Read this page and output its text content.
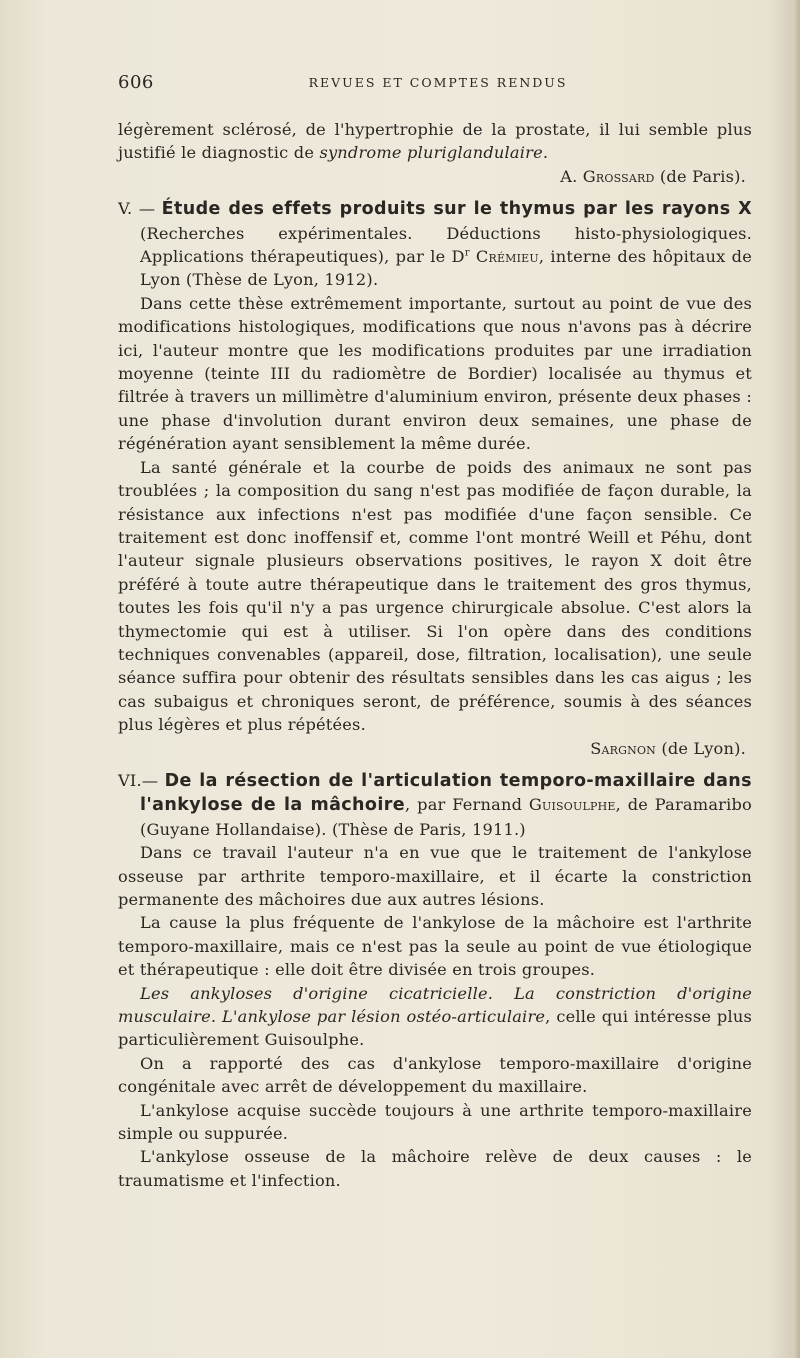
606	REVUES ET COMPTES RENDUS

légèrement sclérosé, de l'hypertrophie de la prostate, il lui semble plus justifié le diagnostic de syndrome pluriglandulaire.

A. Grossard (de Paris).

V. — Étude des effets produits sur le thymus par les rayons X (Recherches expérimentales. Déductions histo-physiologiques. Applications thérapeutiques), par le $D^r$ Crémieu, interne des hôpitaux de Lyon (Thèse de Lyon, 1912).

Dans cette thèse extrêmement importante, surtout au point de vue des modifications histologiques, modifications que nous n'avons pas à décrire ici, l'auteur montre que les modifications produites par une irradiation moyenne (teinte III du radiomètre de Bordier) localisée au thymus et filtrée à travers un millimètre d'aluminium environ, présente deux phases : une phase d'involution durant environ deux semaines, une phase de régénération ayant sensiblement la même durée.

La santé générale et la courbe de poids des animaux ne sont pas troublées ; la composition du sang n'est pas modifiée de façon durable, la résistance aux infections n'est pas modifiée d'une façon sensible. Ce traitement est donc inoffensif et, comme l'ont montré Weill et Péhu, dont l'auteur signale plusieurs observations positives, le rayon X doit être préféré à toute autre thérapeutique dans le traitement des gros thymus, toutes les fois qu'il n'y a pas urgence chirurgicale absolue. C'est alors la thymectomie qui est à utiliser. Si l'on opère dans des conditions techniques convenables (appareil, dose, filtration, localisation), une seule séance suffira pour obtenir des résultats sensibles dans les cas aigus ; les cas subaigus et chroniques seront, de préférence, soumis à des séances plus légères et plus répétées.

Sargnon (de Lyon).

VI.— De la résection de l'articulation temporo-maxillaire dans l'ankylose de la mâchoire, par Fernand Guisoulphe, de Paramaribo (Guyane Hollandaise). (Thèse de Paris, 1911.)

Dans ce travail l'auteur n'a en vue que le traitement de l'ankylose osseuse par arthrite temporo-maxillaire, et il écarte la constriction permanente des mâchoires due aux autres lésions.

La cause la plus fréquente de l'ankylose de la mâchoire est l'arthrite temporo-maxillaire, mais ce n'est pas la seule au point de vue étiologique et thérapeutique : elle doit être divisée en trois groupes.

Les ankyloses d'origine cicatricielle. La constriction d'origine musculaire. L'ankylose par lésion ostéo-articulaire, celle qui intéresse plus particulièrement Guisoulphe.

On a rapporté des cas d'ankylose temporo-maxillaire d'origine congénitale avec arrêt de développement du maxillaire.

L'ankylose acquise succède toujours à une arthrite temporo-maxillaire simple ou suppurée.

L'ankylose osseuse de la mâchoire relève de deux causes : le traumatisme et l'infection.
